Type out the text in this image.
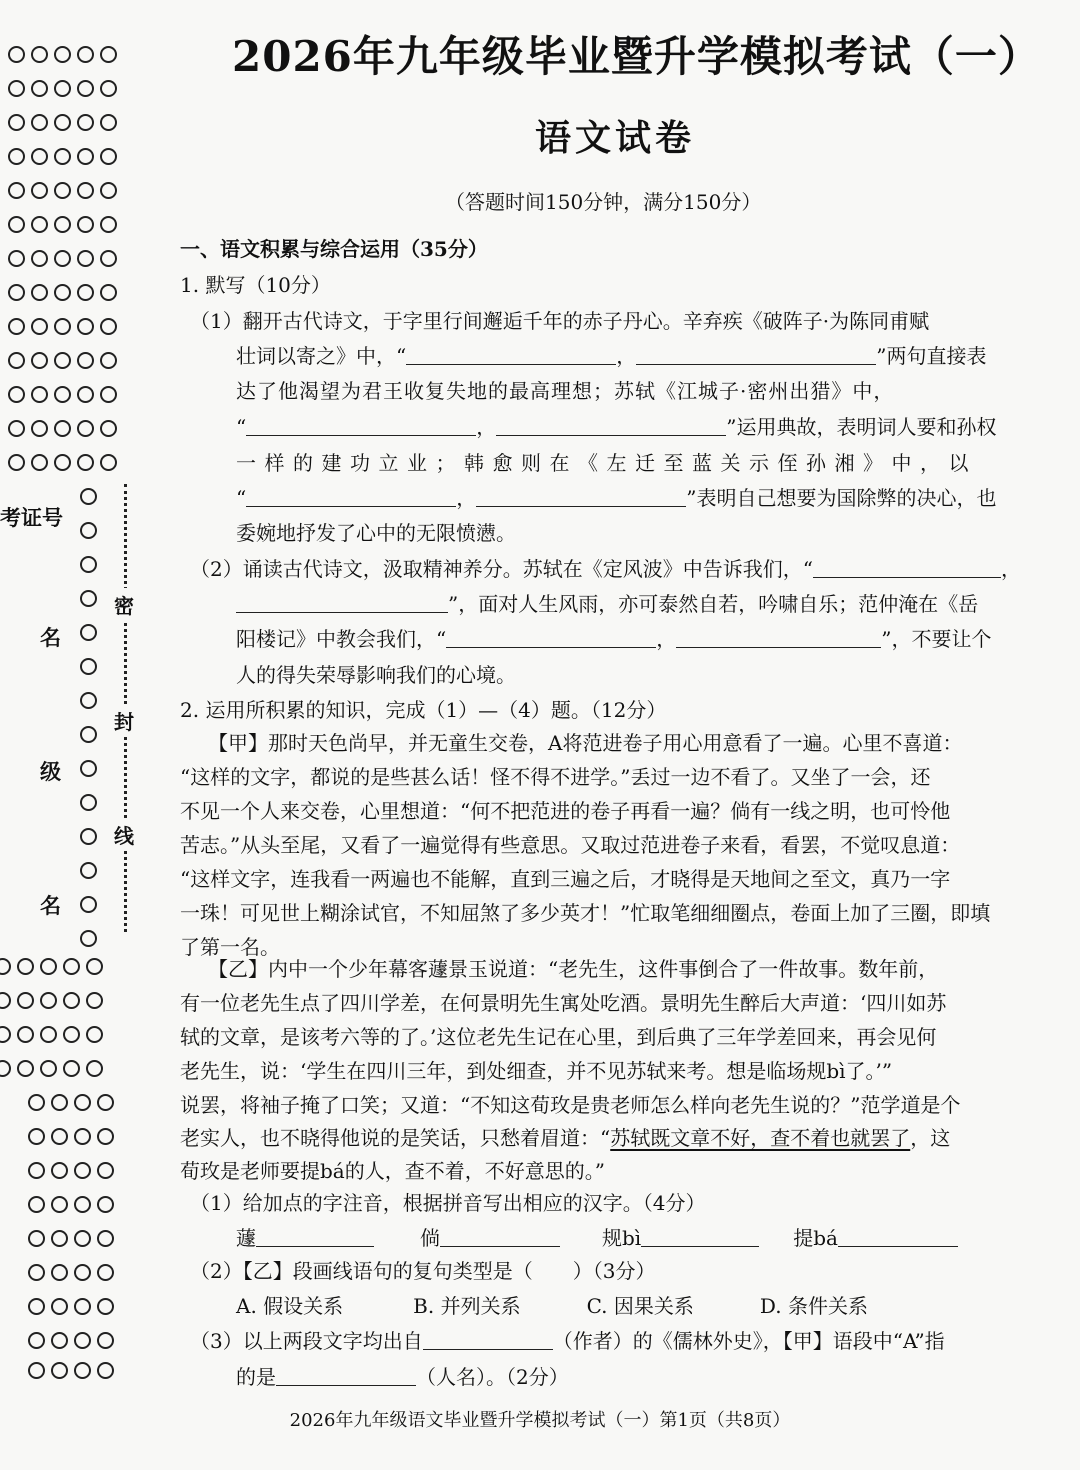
密
封
线
考证号
名
级
名
2026年九年级毕业暨升学模拟考试（一）
语文试卷
（答题时间150分钟，满分150分）
一、语文积累与综合运用（35分）
1. 默写（10分）
（1）翻开古代诗文，于字里行间邂逅千年的赤子丹心。辛弃疾《破阵子·为陈同甫赋
壮词以寄之》中，“	，	”两句直接表
达了他渴望为君王收复失地的最高理想；苏轼《江城子·密州出猎》中，
“	，	”运用典故，表明词人要和孙权
一样的建功立业；韩愈则在《左迁至蓝关示侄孙湘》中，以
“	，	”表明自己想要为国除弊的决心，也
委婉地抒发了心中的无限愤懑。
（2）诵读古代诗文，汲取精神养分。苏轼在《定风波》中告诉我们，“	，
”，面对人生风雨，亦可泰然自若，吟啸自乐；范仲淹在《岳
阳楼记》中教会我们，“	，	”，不要让个
人的得失荣辱影响我们的心境。
2. 运用所积累的知识，完成（1）—（4）题。（12分）
【甲】那时天色尚早，并无童生交卷，A将范进卷子用心用意看了一遍。心里不喜道：
“这样的文字，都说的是些甚么话！怪不得不进学。”丢过一边不看了。又坐了一会，还
不见一个人来交卷，心里想道：“何不把范进的卷子再看一遍？倘有一线之明，也可怜他
苦志。”从头至尾，又看了一遍觉得有些意思。又取过范进卷子来看，看罢，不觉叹息道：
“这样文字，连我看一两遍也不能解，直到三遍之后，才晓得是天地间之至文，真乃一字
一珠！可见世上糊涂试官，不知屈煞了多少英才！”忙取笔细细圈点，卷面上加了三圈，即填
了第一名。
【乙】内中一个少年幕客蘧景玉说道：“老先生，这件事倒合了一件故事。数年前，
有一位老先生点了四川学差，在何景明先生寓处吃酒。景明先生醉后大声道：‘四川如苏
轼的文章，是该考六等的了。’这位老先生记在心里，到后典了三年学差回来，再会见何
老先生，说：‘学生在四川三年，到处细查，并不见苏轼来考。想是临场规bì了。’”
说罢，将袖子掩了口笑；又道：“不知这荀玫是贵老师怎么样向老先生说的？”范学道是个
老实人，也不晓得他说的是笑话，只愁着眉道：“苏轼既文章不好，查不着也就罢了，这
荀玫是老师要提bá的人，查不着，不好意思的。”
（1）给加点的字注音，根据拼音写出相应的汉字。（4分）
蘧	倘	规bì	提bá
（2）【乙】段画线语句的复句类型是（　　）（3分）
A. 假设关系	B. 并列关系	C. 因果关系	D. 条件关系
（3）以上两段文字均出自	（作者）的《儒林外史》，【甲】语段中“A”指
的是	（人名）。（2分）
2026年九年级语文毕业暨升学模拟考试（一）第1页（共8页）
